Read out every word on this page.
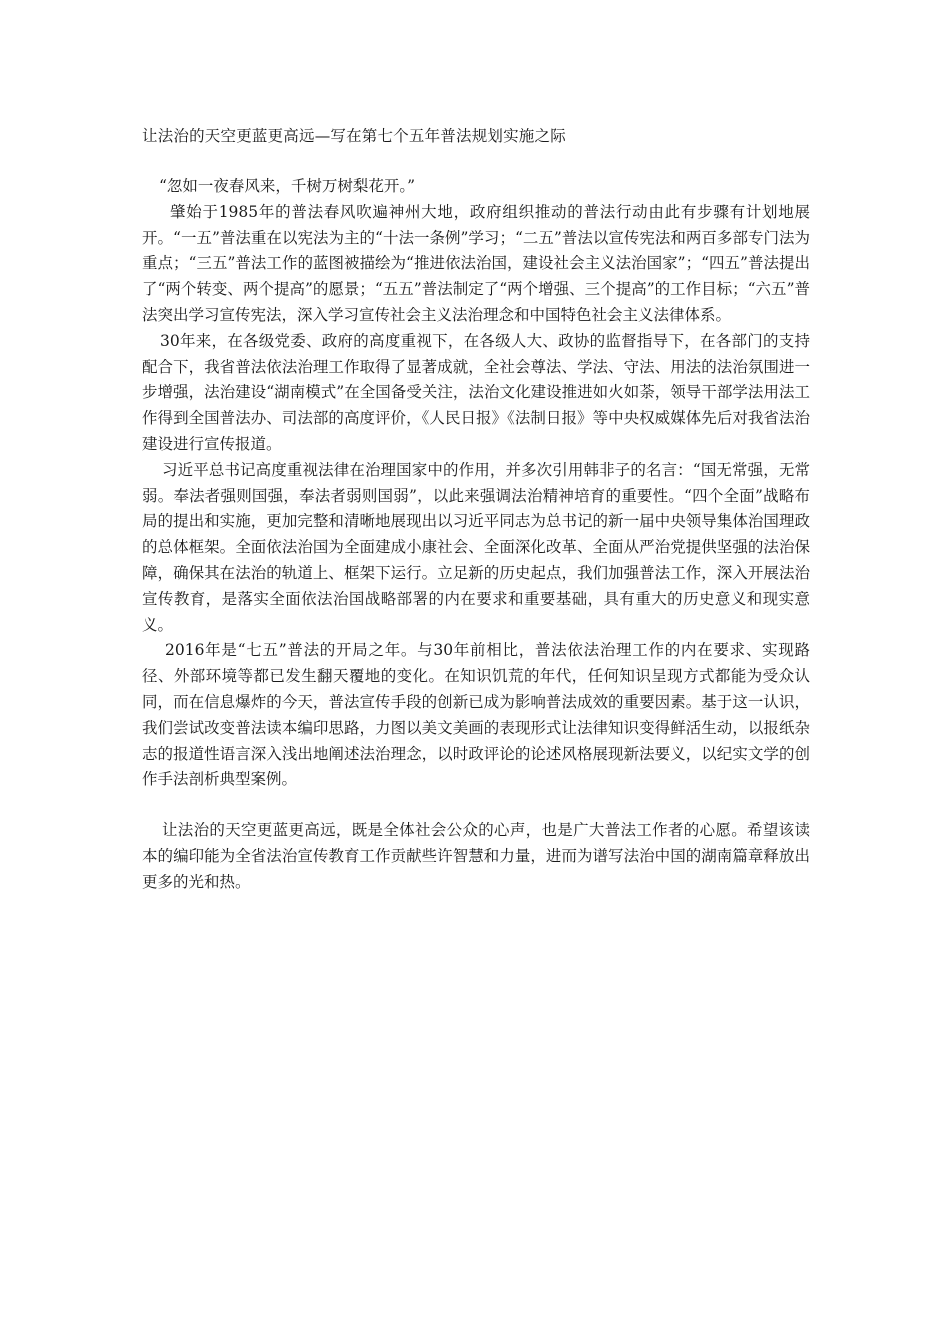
让法治的天空更蓝更高远—写在第七个五年普法规划实施之际

“忽如一夜春风来，千树万树梨花开。”

肇始于1985年的普法春风吹遍神州大地，政府组织推动的普法行动由此有步骤有计划地展开。“一五”普法重在以宪法为主的“十法一条例”学习；“二五”普法以宣传宪法和两百多部专门法为重点；“三五”普法工作的蓝图被描绘为“推进依法治国，建设社会主义法治国家”；“四五”普法提出了“两个转变、两个提高”的愿景；“五五”普法制定了“两个增强、三个提高”的工作目标；“六五”普法突出学习宣传宪法，深入学习宣传社会主义法治理念和中国特色社会主义法律体系。

30年来，在各级党委、政府的高度重视下，在各级人大、政协的监督指导下，在各部门的支持配合下，我省普法依法治理工作取得了显著成就，全社会尊法、学法、守法、用法的法治氛围进一步增强，法治建设“湖南模式”在全国备受关注，法治文化建设推进如火如荼，领导干部学法用法工作得到全国普法办、司法部的高度评价，《人民日报》《法制日报》等中央权威媒体先后对我省法治建设进行宣传报道。

习近平总书记高度重视法律在治理国家中的作用，并多次引用韩非子的名言：“国无常强，无常弱。奉法者强则国强，奉法者弱则国弱”，以此来强调法治精神培育的重要性。“四个全面”战略布局的提出和实施，更加完整和清晰地展现出以习近平同志为总书记的新一届中央领导集体治国理政的总体框架。全面依法治国为全面建成小康社会、全面深化改革、全面从严治党提供坚强的法治保障，确保其在法治的轨道上、框架下运行。立足新的历史起点，我们加强普法工作，深入开展法治宣传教育，是落实全面依法治国战略部署的内在要求和重要基础，具有重大的历史意义和现实意义。

2016年是“七五”普法的开局之年。与30年前相比，普法依法治理工作的内在要求、实现路径、外部环境等都已发生翻天覆地的变化。在知识饥荒的年代，任何知识呈现方式都能为受众认同，而在信息爆炸的今天，普法宣传手段的创新已成为影响普法成效的重要因素。基于这一认识，我们尝试改变普法读本编印思路，力图以美文美画的表现形式让法律知识变得鲜活生动，以报纸杂志的报道性语言深入浅出地阐述法治理念，以时政评论的论述风格展现新法要义，以纪实文学的创作手法剖析典型案例。

让法治的天空更蓝更高远，既是全体社会公众的心声，也是广大普法工作者的心愿。希望该读本的编印能为全省法治宣传教育工作贡献些许智慧和力量，进而为谱写法治中国的湖南篇章释放出更多的光和热。
